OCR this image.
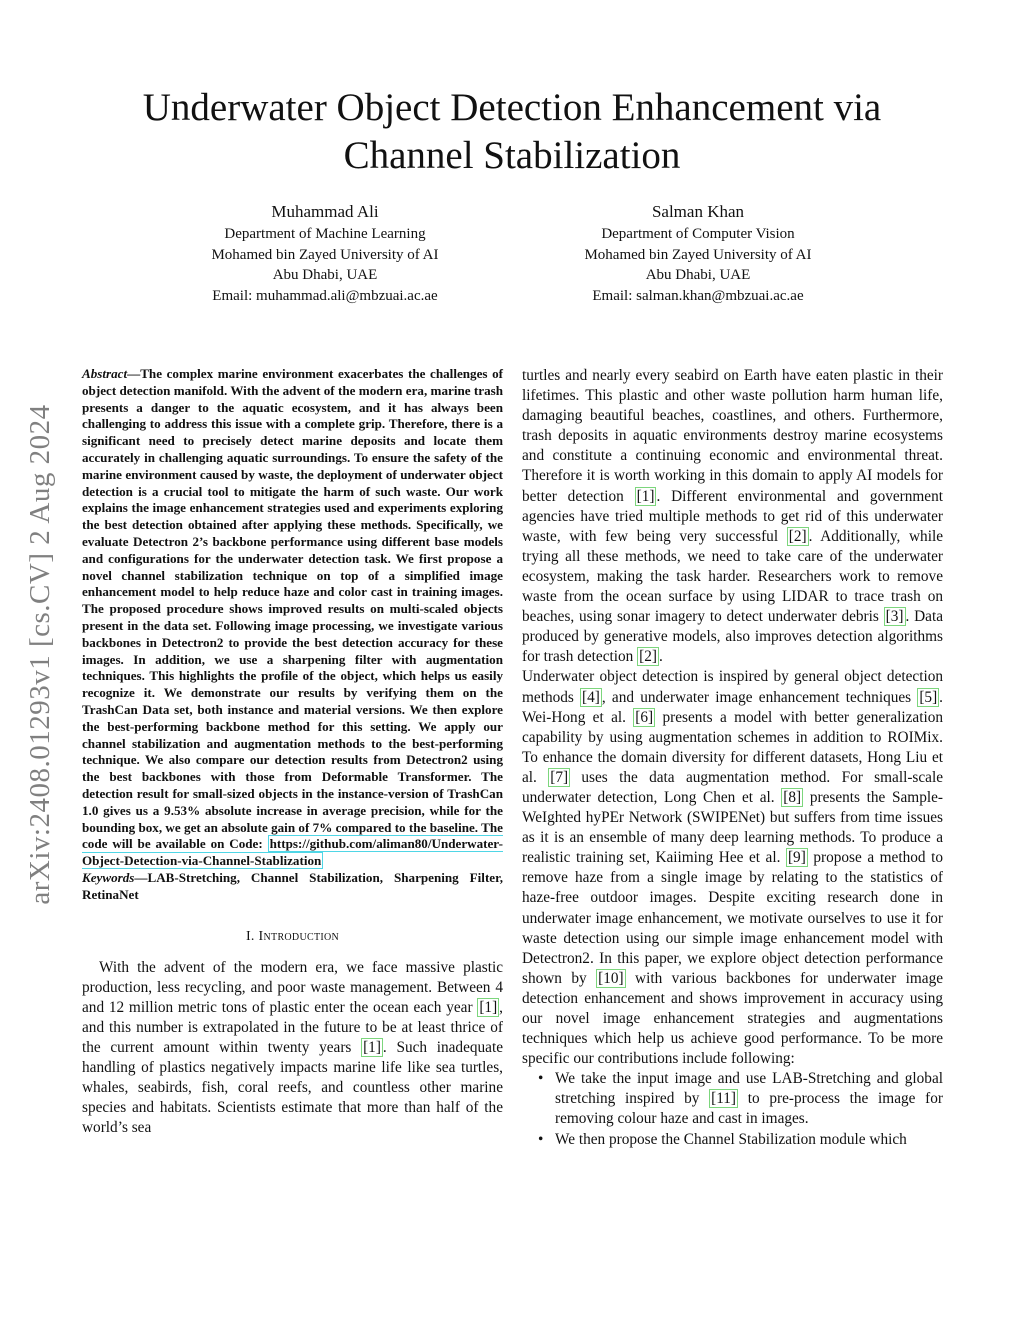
arXiv:2408.01293v1 [cs.CV] 2 Aug 2024
Underwater Object Detection Enhancement via Channel Stabilization
Muhammad Ali
Department of Machine Learning
Mohamed bin Zayed University of AI
Abu Dhabi, UAE
Email: muhammad.ali@mbzuai.ac.ae
Salman Khan
Department of Computer Vision
Mohamed bin Zayed University of AI
Abu Dhabi, UAE
Email: salman.khan@mbzuai.ac.ae

Abstract—The complex marine environment exacerbates the challenges of object detection manifold. With the advent of the modern era, marine trash presents a danger to the aquatic ecosystem, and it has always been challenging to address this issue with a complete grip. Therefore, there is a significant need to precisely detect marine deposits and locate them accurately in challenging aquatic surroundings. To ensure the safety of the marine environment caused by waste, the deployment of underwater object detection is a crucial tool to mitigate the harm of such waste. Our work explains the image enhancement strategies used and experiments exploring the best detection obtained after applying these methods. Specifically, we evaluate Detectron 2’s backbone performance using different base models and configurations for the underwater detection task. We first propose a novel channel stabilization technique on top of a simplified image enhancement model to help reduce haze and color cast in training images. The proposed procedure shows improved results on multi-scaled objects present in the data set. Following image processing, we investigate various backbones in Detectron2 to provide the best detection accuracy for these images. In addition, we use a sharpening filter with augmentation techniques. This highlights the profile of the object, which helps us easily recognize it. We demonstrate our results by verifying them on the TrashCan Data set, both instance and material versions. We then explore the best-performing backbone method for this setting. We apply our channel stabilization and augmentation methods to the best-performing technique. We also compare our detection results from Detectron2 using the best backbones with those from Deformable Transformer. The detection result for small-sized objects in the instance-version of TrashCan 1.0 gives us a 9.53% absolute increase in average precision, while for the bounding box, we get an absolute gain of 7% compared to the baseline. The code will be available on Code: https://github.com/aliman80/Underwater-Object-Detection-via-Channel-Stablization

Keywords—LAB-Stretching, Channel Stabilization, Sharpening Filter, RetinaNet

I. Introduction

With the advent of the modern era, we face massive plastic production, less recycling, and poor waste management. Between 4 and 12 million metric tons of plastic enter the ocean each year [1] , and this number is extrapolated in the future to be at least thrice of the current amount within twenty years [1] . Such inadequate handling of plastics negatively impacts marine life like sea turtles, whales, seabirds, fish, coral reefs, and countless other marine species and habitats. Scientists estimate that more than half of the world’s sea

turtles and nearly every seabird on Earth have eaten plastic in their lifetimes. This plastic and other waste pollution harm human life, damaging beautiful beaches, coastlines, and others. Furthermore, trash deposits in aquatic environments destroy marine ecosystems and constitute a continuing economic and environmental threat. Therefore it is worth working in this domain to apply AI models for better detection [1] . Different environmental and government agencies have tried multiple methods to get rid of this underwater waste, with few being very successful [2] . Additionally, while trying all these methods, we need to take care of the underwater ecosystem, making the task harder. Researchers work to remove waste from the ocean surface by using LIDAR to trace trash on beaches, using sonar imagery to detect underwater debris [3] . Data produced by generative models, also improves detection algorithms for trash detection [2] .

Underwater object detection is inspired by general object detection methods [4] , and underwater image enhancement techniques [5] . Wei-Hong et al. [6] presents a model with better generalization capability by using augmentation schemes in addition to ROIMix. To enhance the domain diversity for different datasets, Hong Liu et al. [7] uses the data augmentation method. For small-scale underwater detection, Long Chen et al. [8] presents the Sample-WeIghted hyPEr Network (SWIPENet) but suffers from time issues as it is an ensemble of many deep learning methods. To produce a realistic training set, Kaiiming Hee et al. [9] propose a method to remove haze from a single image by relating to the statistics of haze-free outdoor images. Despite exciting research done in underwater image enhancement, we motivate ourselves to use it for waste detection using our simple image enhancement model with Detectron2. In this paper, we explore object detection performance shown by [10] with various backbones for underwater image detection enhancement and shows improvement in accuracy using our novel image enhancement strategies and augmentations techniques which help us achieve good performance. To be more specific our contributions include following:

• We take the input image and use LAB-Stretching and global stretching inspired by [11] to pre-process the image for removing colour haze and cast in images.
• We then propose the Channel Stabilization module which
